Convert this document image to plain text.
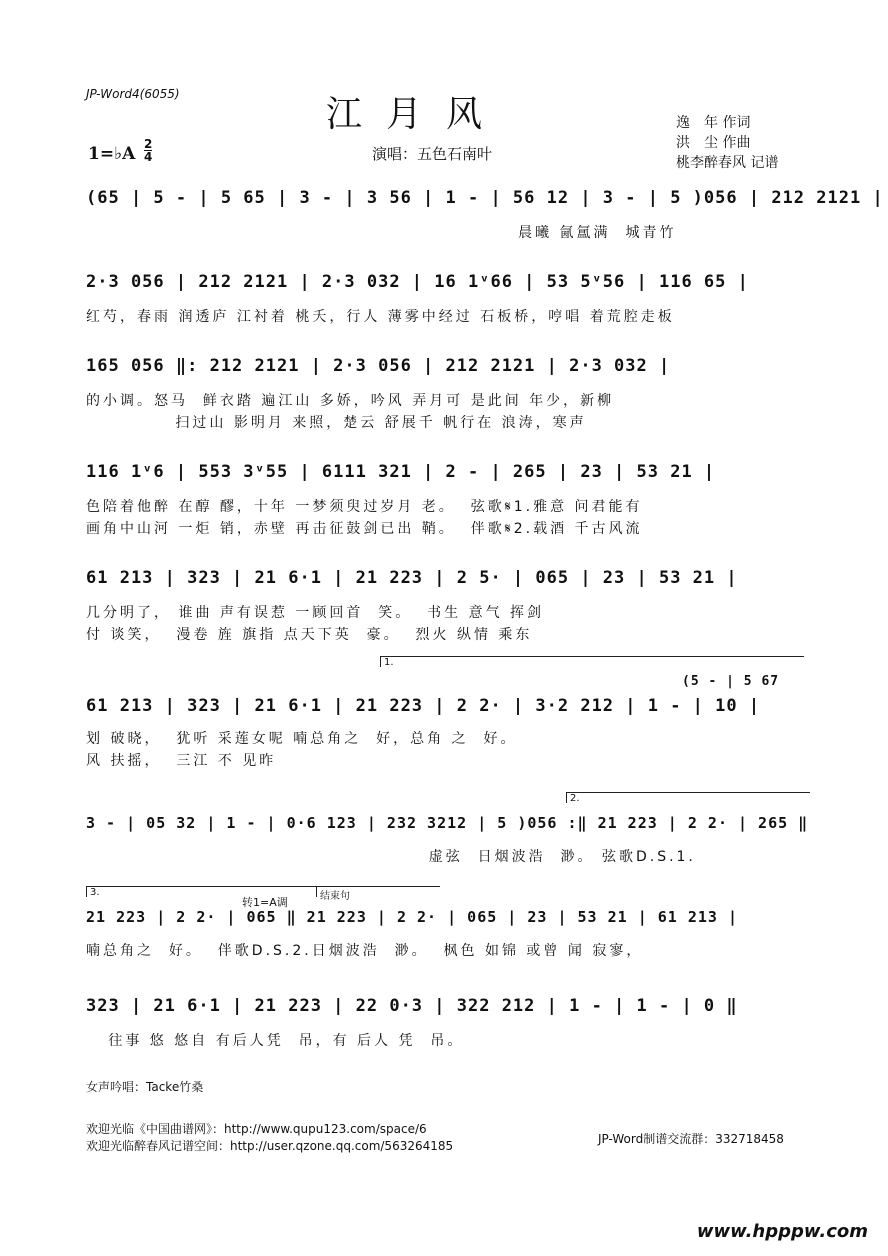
JP-Word4(6055)	江月风
1=♭A 2
4	演唱：五色石南叶
逸　年 作词
洪　尘 作曲
桃李醉春风 记谱
(65 | 5 - | 5 65 | 3 - | 3 56 | 1 - | 56 12 | 3 - | 5 )056 | 212 2121 |
晨曦 氤氲满  城青竹
2·3 056 | 212 2121 | 2·3 032 | 16 1ᵛ66 | 53 5ᵛ56 | 116 65 |
红芍，春雨 润透庐 江衬着 桃夭，行人 薄雾中经过 石板桥，哼唱 着荒腔走板
165 056 ‖: 212 2121 | 2·3 056 | 212 2121 | 2·3 032 |
的小调。怒马  鲜衣踏 遍江山 多娇，吟风 弄月可 是此间 年少，新柳
扫过山 影明月 来照，楚云 舒展千 帆行在 浪涛，寒声
116 1ᵛ6 | 553 3ᵛ55 | 6111 321 | 2 - | 265 | 23 | 53 21 |
色陪着他醉 在醇 醪，十年 一梦须臾过岁月 老。  弦歌𝄋1.雅意 问君能有
画角中山河 一炬 销，赤壁 再击征鼓剑已出 鞘。  伴歌𝄋2.载酒 千古风流
61 213 | 323 | 21 6·1 | 21 223 | 2 5· | 065 | 23 | 53 21 |
几分明了， 谁曲 声有误惹 一顾回首  笑。  书生 意气 挥剑
付 谈笑，  漫卷 旌 旗指 点天下英  豪。  烈火 纵情 乘东
1.
(5 - | 5 67
61 213 | 323 | 21 6·1 | 21 223 | 2 2· | 3·2 212 | 1 - | 10 |
划 破晓，  犹听 采莲女呢 喃总角之  好，总角 之  好。
风 扶摇，  三江 不 见昨
2.
3 - | 05 32 | 1 - | 0·6 123 | 232 3212 | 5 )056 :‖ 21 223 | 2 2· | 265 ‖
虚弦  日烟波浩  渺。 弦歌D.S.1.
3.
转1=A调	结束句
21 223 | 2 2· | 065 ‖ 21 223 | 2 2· | 065 | 23 | 53 21 | 61 213 |
喃总角之  好。  伴歌D.S.2.日烟波浩  渺。  枫色 如锦 或曾 闻 寂寥，
323 | 21 6·1 | 21 223 | 22 0·3 | 322 212 | 1 - | 1 - | 0 ‖
往事 悠 悠自 有后人凭  吊，有 后人 凭  吊。
女声吟唱：Tacke竹桑
欢迎光临《中国曲谱网》：http://www.qupu123.com/space/6
欢迎光临醉春风记谱空间：http://user.qzone.qq.com/563264185	JP-Word制谱交流群：332718458
www.hpppw.com
